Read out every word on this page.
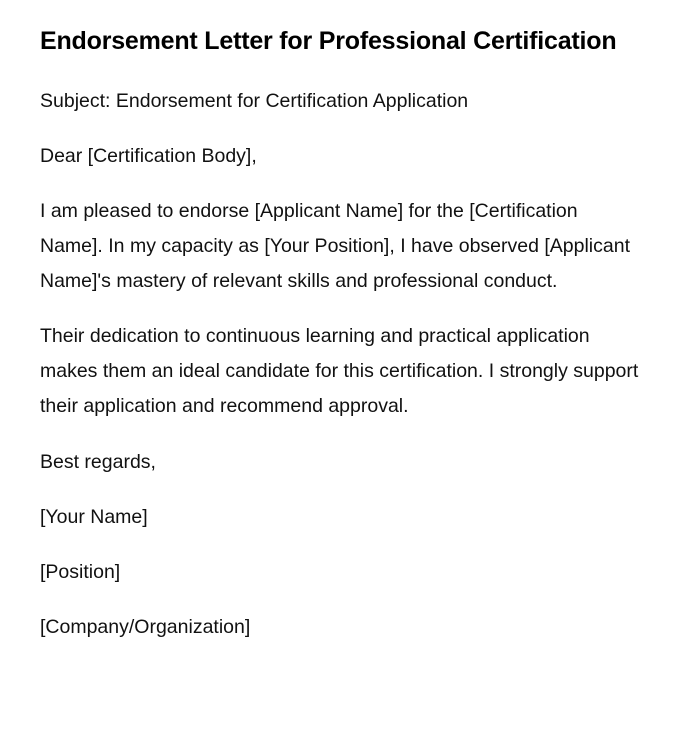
Endorsement Letter for Professional Certification

Subject: Endorsement for Certification Application

Dear [Certification Body],

I am pleased to endorse [Applicant Name] for the [Certification Name]. In my capacity as [Your Position], I have observed [Applicant Name]'s mastery of relevant skills and professional conduct.

Their dedication to continuous learning and practical application makes them an ideal candidate for this certification. I strongly support their application and recommend approval.

Best regards,

[Your Name]

[Position]

[Company/Organization]
